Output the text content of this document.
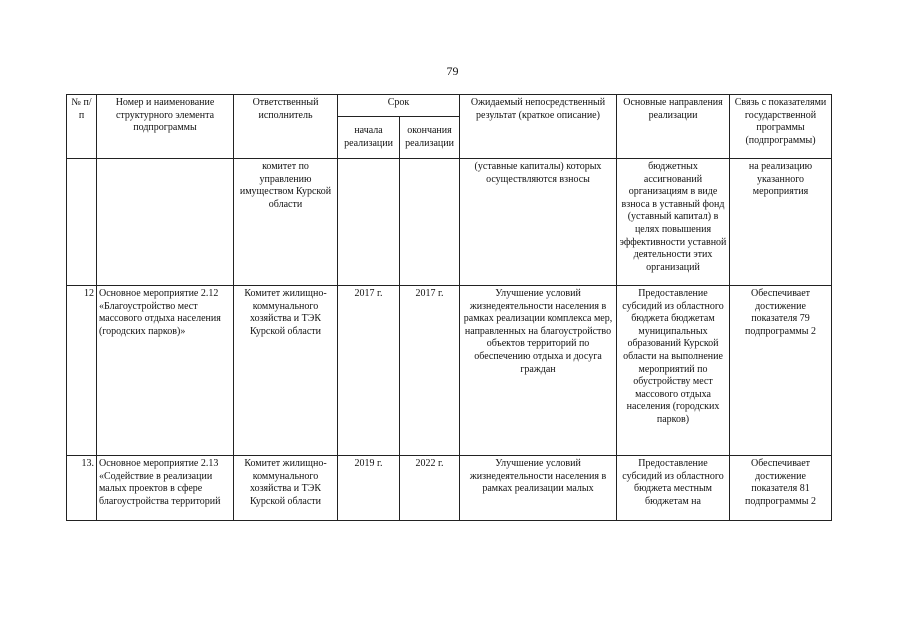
79
№ п/п	Номер и наименование структурного элемента подпрограммы	Ответственный исполнитель	Срок		Ожидаемый непосредственный результат (краткое описание)	Основные направления реализации	Связь с показателями государственной программы (подпрограммы)
			начала реализации	окончания реализации			
		комитет по управлению имуществом Курской области			(уставные капиталы) которых осуществляются взносы	бюджетных ассигнований организациям в виде взноса в уставный фонд (уставный капитал) в целях повышения эффективности уставной деятельности этих организаций	на реализацию указанного мероприятия
12	Основное мероприятие 2.12 «Благоустройство мест массового отдыха населения (городских парков)»	Комитет жилищно-коммунального хозяйства и ТЭК Курской области	2017 г.	2017 г.	Улучшение условий жизнедеятельности населения в рамках реализации комплекса мер, направленных на благоустройство объектов территорий по обеспечению отдыха и досуга граждан	Предоставление субсидий из областного бюджета бюджетам муниципальных образований Курской области на выполнение мероприятий по обустройству мест массового отдыха населения (городских парков)	Обеспечивает достижение показателя 79 подпрограммы 2
13.	Основное мероприятие 2.13 «Содействие в реализации малых проектов в сфере благоустройства территорий	Комитет жилищно-коммунального хозяйства и ТЭК Курской области	2019 г.	2022 г.	Улучшение условий жизнедеятельности населения в рамках реализации малых	Предоставление субсидий из областного бюджета местным бюджетам на	Обеспечивает достижение показателя 81 подпрограммы 2
